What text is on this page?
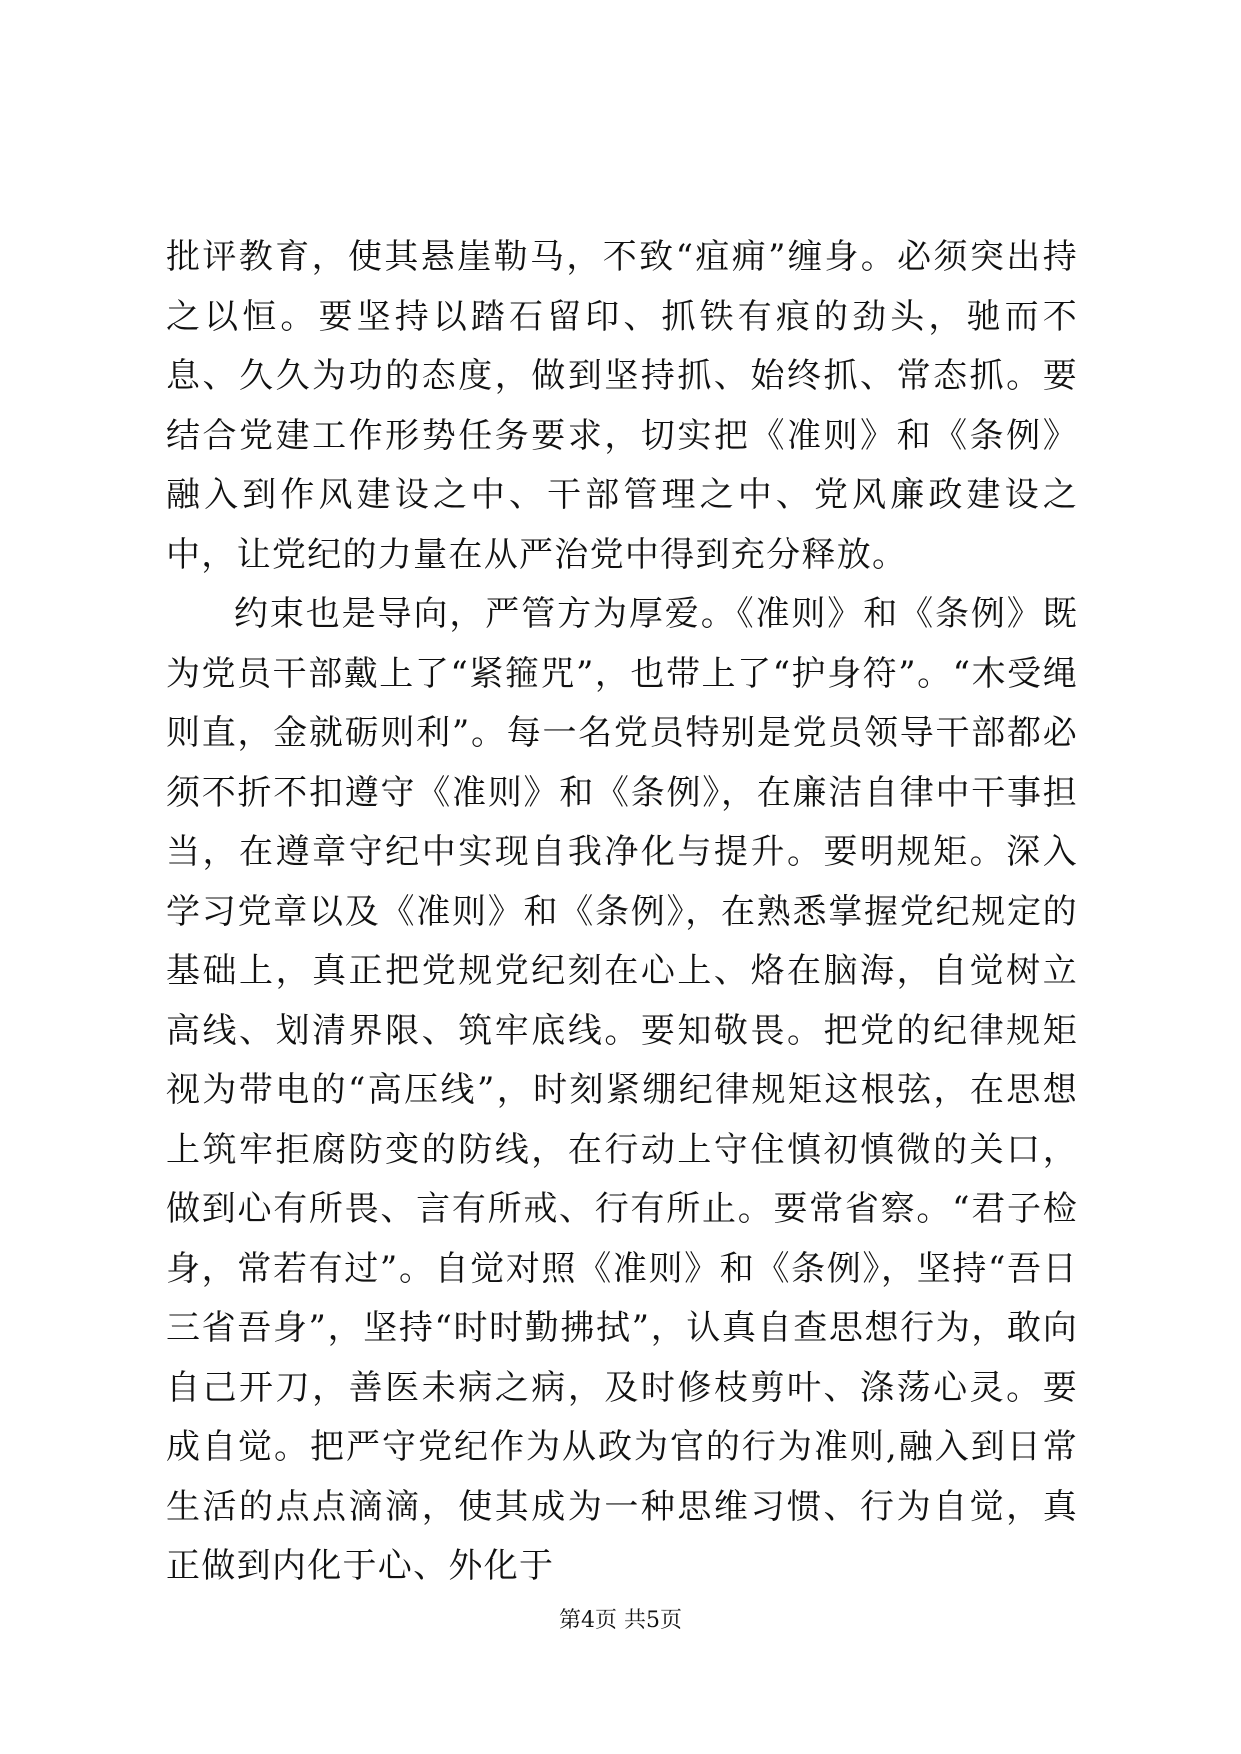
批评教育，使其悬崖勒马，不致“疽痈”缠身。必须突出持之以恒。要坚持以踏石留印、抓铁有痕的劲头，驰而不息、久久为功的态度，做到坚持抓、始终抓、常态抓。要结合党建工作形势任务要求，切实把《准则》和《条例》融入到作风建设之中、干部管理之中、党风廉政建设之中，让党纪的力量在从严治党中得到充分释放。

约束也是导向，严管方为厚爱。《准则》和《条例》既为党员干部戴上了“紧箍咒”，也带上了“护身符”。“木受绳则直，金就砺则利”。每一名党员特别是党员领导干部都必须不折不扣遵守《准则》和《条例》，在廉洁自律中干事担当，在遵章守纪中实现自我净化与提升。要明规矩。深入学习党章以及《准则》和《条例》，在熟悉掌握党纪规定的基础上，真正把党规党纪刻在心上、烙在脑海，自觉树立高线、划清界限、筑牢底线。要知敬畏。把党的纪律规矩视为带电的“高压线”，时刻紧绷纪律规矩这根弦，在思想上筑牢拒腐防变的防线，在行动上守住慎初慎微的关口，做到心有所畏、言有所戒、行有所止。要常省察。“君子检身，常若有过”。自觉对照《准则》和《条例》，坚持“吾日三省吾身”，坚持“时时勤拂拭”，认真自查思想行为，敢向自己开刀，善医未病之病，及时修枝剪叶、涤荡心灵。要成自觉。把严守党纪作为从政为官的行为准则,融入到日常生活的点点滴滴，使其成为一种思维习惯、行为自觉，真正做到内化于心、外化于

第4页 共5页
